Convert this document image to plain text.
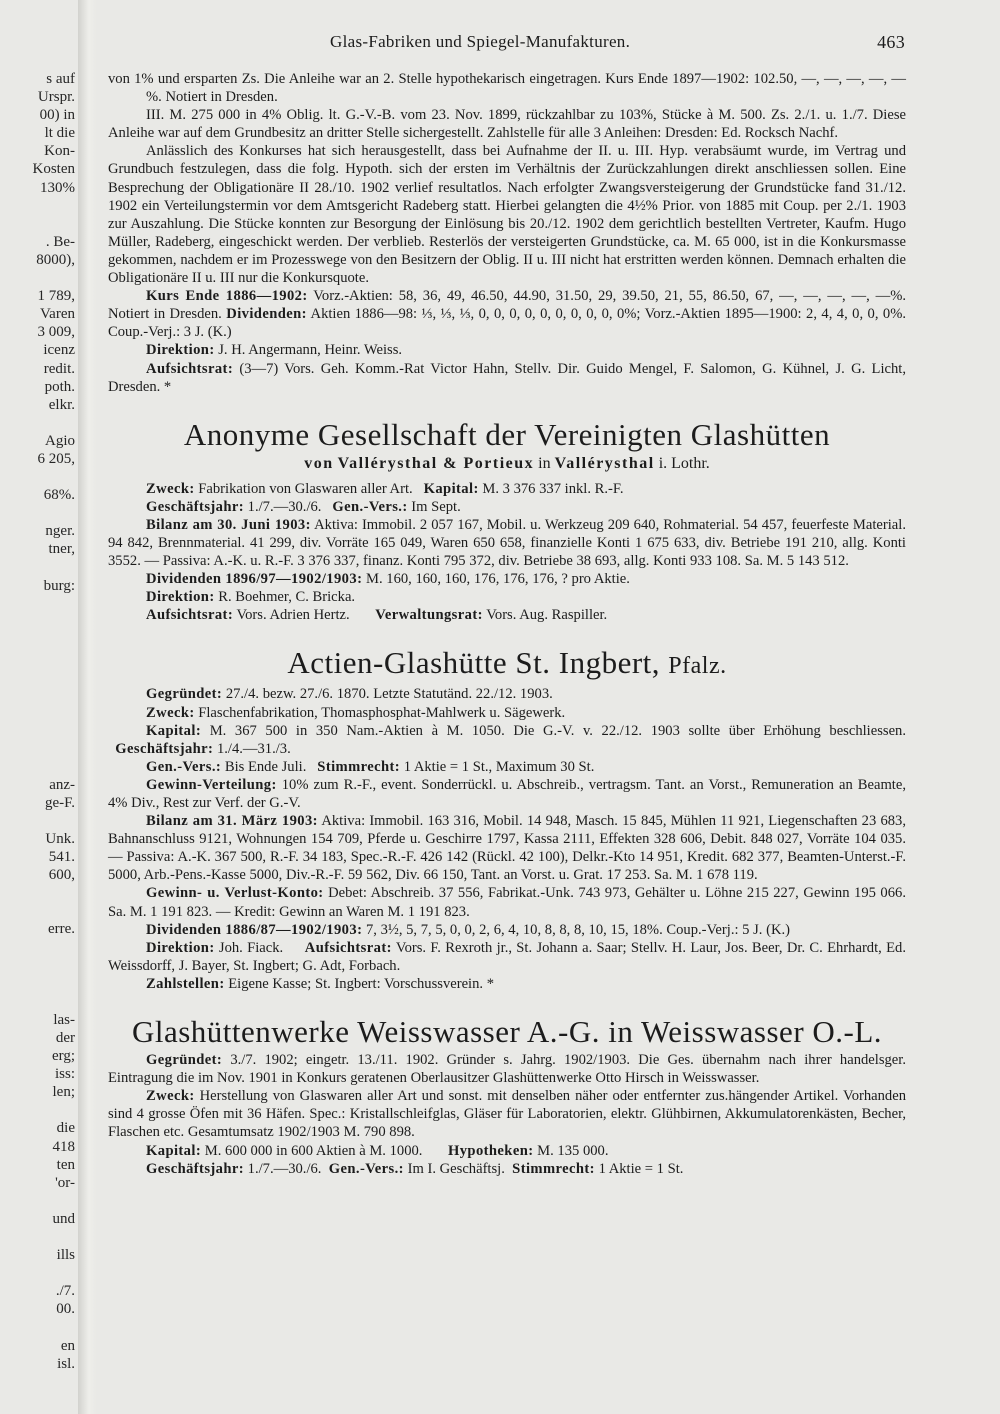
s auf
Urspr.
00) in
lt die
Kon-
Kosten
130%

. Be-
8000),

1 789,
Varen
3 009,
icenz
redit.
poth.
elkr.

Agio
6 205,

68%.

nger.
tner,

burg:

anz-
ge-F.

Unk.
541.
600,

erre.

las-
der
erg;
iss:
len;

die
418
ten
'or-

und

ills

./7.
00.

en
isl.
Glas-Fabriken und Spiegel-Manufakturen.	463

von 1% und ersparten Zs. Die Anleihe war an 2. Stelle hypothekarisch eingetragen. Kurs Ende 1897—1902: 102.50, —, —, —, —, —%. Notiert in Dresden.

III. M. 275 000 in 4% Oblig. lt. G.-V.-B. vom 23. Nov. 1899, rückzahlbar zu 103%, Stücke à M. 500. Zs. 2./1. u. 1./7. Diese Anleihe war auf dem Grundbesitz an dritter Stelle sichergestellt. Zahlstelle für alle 3 Anleihen: Dresden: Ed. Rocksch Nachf.

Anlässlich des Konkurses hat sich herausgestellt, dass bei Aufnahme der II. u. III. Hyp. verabsäumt wurde, im Vertrag und Grundbuch festzulegen, dass die folg. Hypoth. sich der ersten im Verhältnis der Zurückzahlungen direkt anschliessen sollen. Eine Besprechung der Obligationäre II 28./10. 1902 verlief resultatlos. Nach erfolgter Zwangsversteigerung der Grundstücke fand 31./12. 1902 ein Verteilungstermin vor dem Amtsgericht Radeberg statt. Hierbei gelangten die 4½% Prior. von 1885 mit Coup. per 2./1. 1903 zur Auszahlung. Die Stücke konnten zur Besorgung der Einlösung bis 20./12. 1902 dem gerichtlich bestellten Vertreter, Kaufm. Hugo Müller, Radeberg, eingeschickt werden. Der verblieb. Resterlös der versteigerten Grundstücke, ca. M. 65 000, ist in die Konkursmasse gekommen, nachdem er im Prozesswege von den Besitzern der Oblig. II u. III nicht hat erstritten werden können. Demnach erhalten die Obligationäre II u. III nur die Konkursquote.

Kurs Ende 1886—1902: Vorz.-Aktien: 58, 36, 49, 46.50, 44.90, 31.50, 29, 39.50, 21, 55, 86.50, 67, —, —, —, —, —%. Notiert in Dresden. Dividenden: Aktien 1886—98: ⅓, ⅓, ⅓, 0, 0, 0, 0, 0, 0, 0, 0, 0, 0%; Vorz.-Aktien 1895—1900: 2, 4, 4, 0, 0, 0%. Coup.-Verj.: 3 J. (K.)

Direktion: J. H. Angermann, Heinr. Weiss.

Aufsichtsrat: (3—7) Vors. Geh. Komm.-Rat Victor Hahn, Stellv. Dir. Guido Mengel, F. Salomon, G. Kühnel, J. G. Licht, Dresden. *

Anonyme Gesellschaft der Vereinigten Glashütten
von Vallérysthal & Portieux in Vallérysthal i. Lothr.

Zweck: Fabrikation von Glaswaren aller Art. Kapital: M. 3 376 337 inkl. R.-F.

Geschäftsjahr: 1./7.—30./6. Gen.-Vers.: Im Sept.

Bilanz am 30. Juni 1903: Aktiva: Immobil. 2 057 167, Mobil. u. Werkzeug 209 640, Rohmaterial. 54 457, feuerfeste Material. 94 842, Brennmaterial. 41 299, div. Vorräte 165 049, Waren 650 658, finanzielle Konti 1 675 633, div. Betriebe 191 210, allg. Konti 3552. — Passiva: A.-K. u. R.-F. 3 376 337, finanz. Konti 795 372, div. Betriebe 38 693, allg. Konti 933 108. Sa. M. 5 143 512.

Dividenden 1896/97—1902/1903: M. 160, 160, 160, 176, 176, 176, ? pro Aktie.

Direktion: R. Boehmer, C. Bricka.

Aufsichtsrat: Vors. Adrien Hertz. Verwaltungsrat: Vors. Aug. Raspiller.

Actien-Glashütte St. Ingbert, Pfalz.

Gegründet: 27./4. bezw. 27./6. 1870. Letzte Statutänd. 22./12. 1903.

Zweck: Flaschenfabrikation, Thomasphosphat-Mahlwerk u. Sägewerk.

Kapital: M. 367 500 in 350 Nam.-Aktien à M. 1050. Die G.-V. v. 22./12. 1903 sollte über Erhöhung beschliessen.   Geschäftsjahr: 1./4.—31./3.

Gen.-Vers.: Bis Ende Juli. Stimmrecht: 1 Aktie = 1 St., Maximum 30 St.

Gewinn-Verteilung: 10% zum R.-F., event. Sonderrückl. u. Abschreib., vertragsm. Tant. an Vorst., Remuneration an Beamte, 4% Div., Rest zur Verf. der G.-V.

Bilanz am 31. März 1903: Aktiva: Immobil. 163 316, Mobil. 14 948, Masch. 15 845, Mühlen 11 921, Liegenschaften 23 683, Bahnanschluss 9121, Wohnungen 154 709, Pferde u. Geschirre 1797, Kassa 2111, Effekten 328 606, Debit. 848 027, Vorräte 104 035. — Passiva: A.-K. 367 500, R.-F. 34 183, Spec.-R.-F. 426 142 (Rückl. 42 100), Delkr.-Kto 14 951, Kredit. 682 377, Beamten-Unterst.-F. 5000, Arb.-Pens.-Kasse 5000, Div.-R.-F. 59 562, Div. 66 150, Tant. an Vorst. u. Grat. 17 253. Sa. M. 1 678 119.

Gewinn- u. Verlust-Konto: Debet: Abschreib. 37 556, Fabrikat.-Unk. 743 973, Gehälter u. Löhne 215 227, Gewinn 195 066. Sa. M. 1 191 823. — Kredit: Gewinn an Waren M. 1 191 823.

Dividenden 1886/87—1902/1903: 7, 3½, 5, 7, 5, 0, 0, 2, 6, 4, 10, 8, 8, 8, 10, 15, 18%. Coup.-Verj.: 5 J. (K.)

Direktion: Joh. Fiack. Aufsichtsrat: Vors. F. Rexroth jr., St. Johann a. Saar; Stellv. H. Laur, Jos. Beer, Dr. C. Ehrhardt, Ed. Weissdorff, J. Bayer, St. Ingbert; G. Adt, Forbach.

Zahlstellen: Eigene Kasse; St. Ingbert: Vorschussverein. *

Glashüttenwerke Weisswasser A.-G. in Weisswasser O.-L.

Gegründet: 3./7. 1902; eingetr. 13./11. 1902. Gründer s. Jahrg. 1902/1903. Die Ges. übernahm nach ihrer handelsger. Eintragung die im Nov. 1901 in Konkurs geratenen Oberlausitzer Glashüttenwerke Otto Hirsch in Weisswasser.

Zweck: Herstellung von Glaswaren aller Art und sonst. mit denselben näher oder entfernter zus.hängender Artikel. Vorhanden sind 4 grosse Öfen mit 36 Häfen. Spec.: Kristallschleifglas, Gläser für Laboratorien, elektr. Glühbirnen, Akkumulatorenkästen, Becher, Flaschen etc. Gesamtumsatz 1902/1903 M. 790 898.

Kapital: M. 600 000 in 600 Aktien à M. 1000. Hypotheken: M. 135 000.

Geschäftsjahr: 1./7.—30./6. Gen.-Vers.: Im I. Geschäftsj. Stimmrecht: 1 Aktie = 1 St.
